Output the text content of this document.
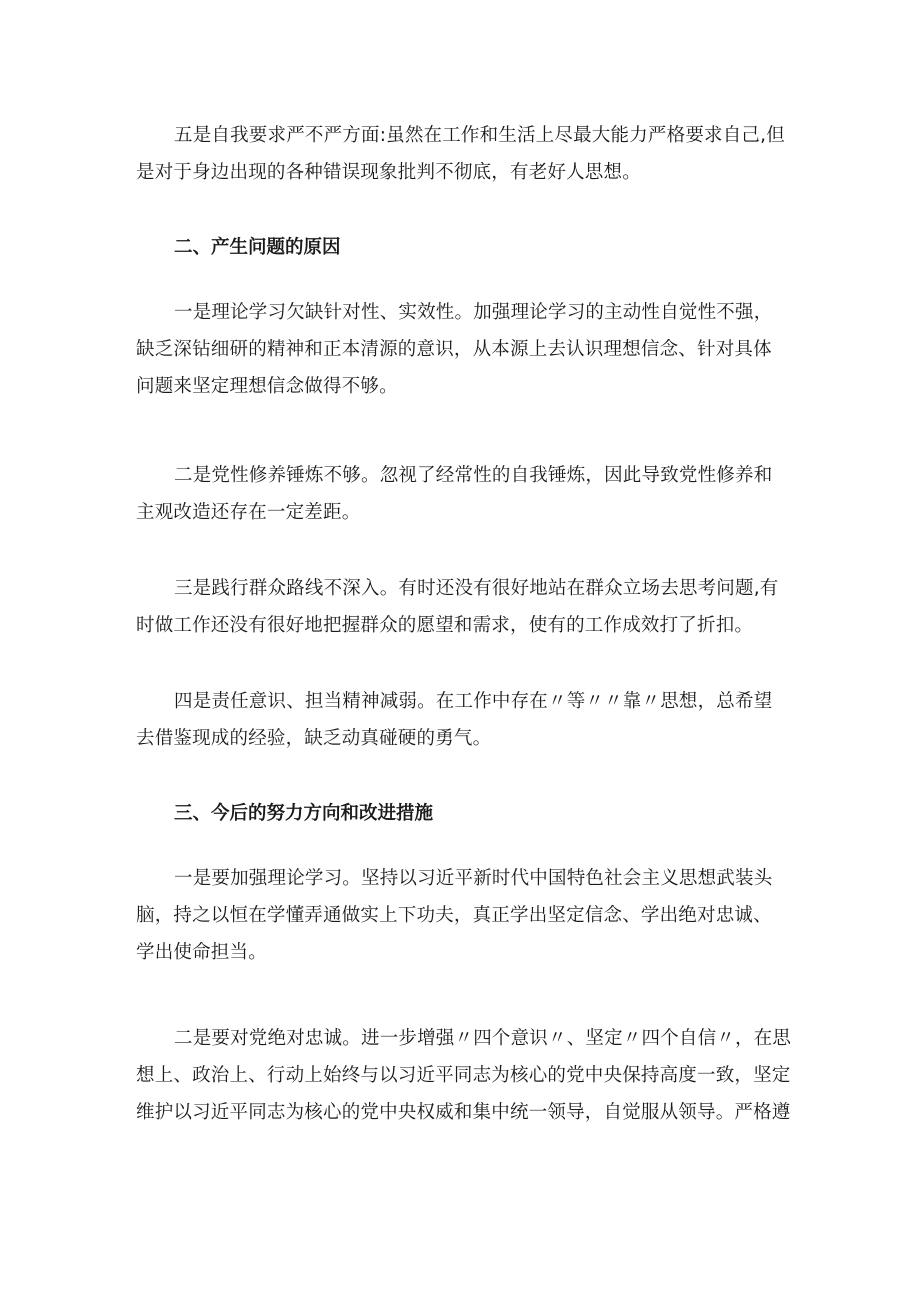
五是自我要求严不严方面:虽然在工作和生活上尽最大能力严格要求自己,但
是对于身边出现的各种错误现象批判不彻底，有老好人思想。

二、产生问题的原因

一是理论学习欠缺针对性、实效性。加强理论学习的主动性自觉性不强，
缺乏深钻细研的精神和正本清源的意识，从本源上去认识理想信念、针对具体
问题来坚定理想信念做得不够。

二是党性修养锤炼不够。忽视了经常性的自我锤炼，因此导致党性修养和
主观改造还存在一定差距。

三是践行群众路线不深入。有时还没有很好地站在群众立场去思考问题,有
时做工作还没有很好地把握群众的愿望和需求，使有的工作成效打了折扣。

四是责任意识、担当精神减弱。在工作中存在〃等〃〃靠〃思想，总希望
去借鉴现成的经验，缺乏动真碰硬的勇气。

三、今后的努力方向和改进措施

一是要加强理论学习。坚持以习近平新时代中国特色社会主义思想武装头
脑，持之以恒在学懂弄通做实上下功夫，真正学出坚定信念、学出绝对忠诚、
学出使命担当。

二是要对党绝对忠诚。进一步增强〃四个意识〃、坚定〃四个自信〃，在思
想上、政治上、行动上始终与以习近平同志为核心的党中央保持高度一致，坚定
维护以习近平同志为核心的党中央权威和集中统一领导，自觉服从领导。严格遵
